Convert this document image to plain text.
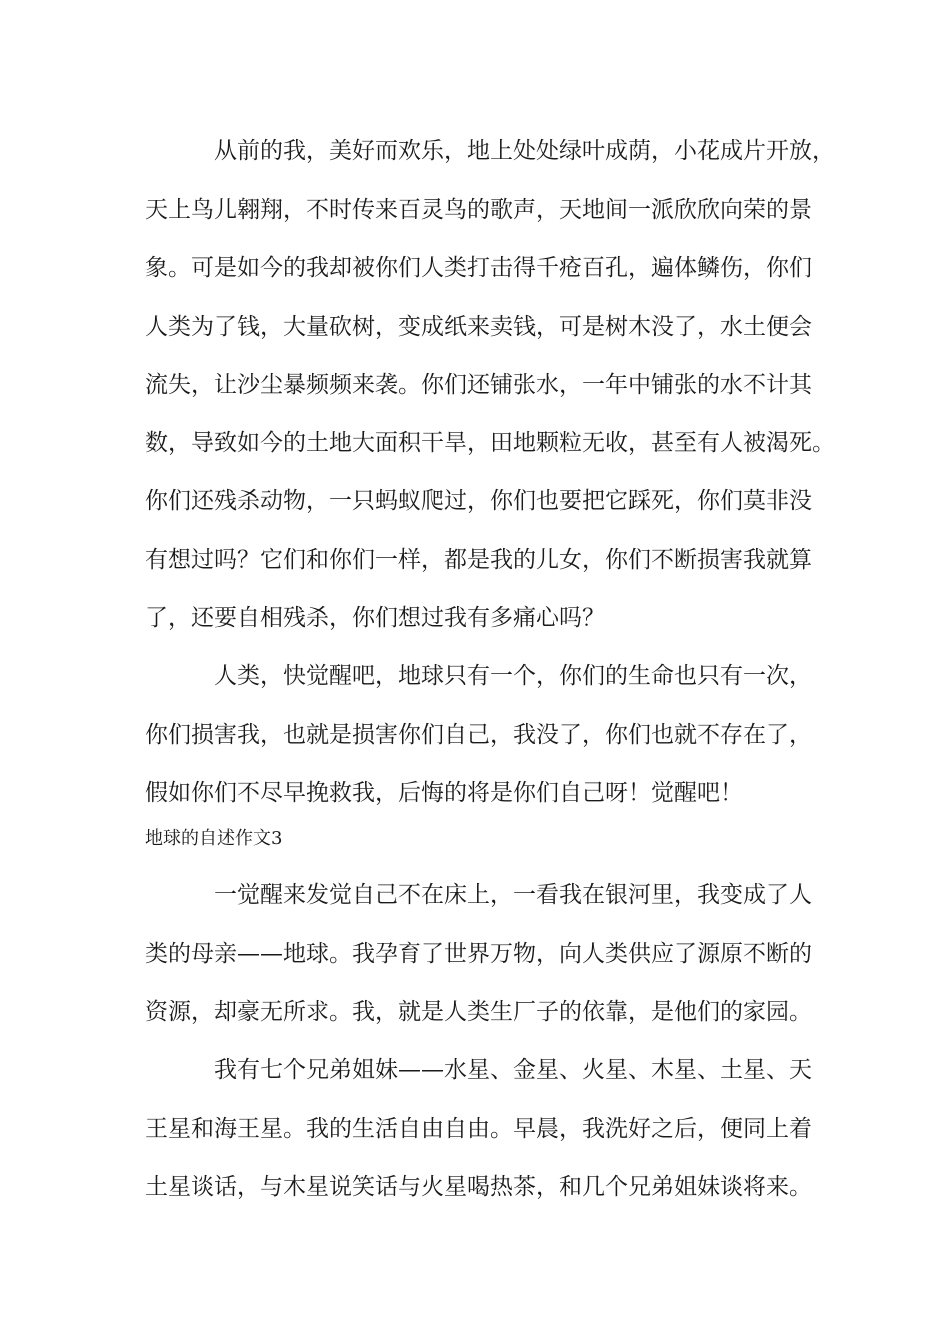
从前的我，美好而欢乐，地上处处绿叶成荫，小花成片开放，
天上鸟儿翱翔，不时传来百灵鸟的歌声，天地间一派欣欣向荣的景
象。可是如今的我却被你们人类打击得千疮百孔，遍体鳞伤，你们
人类为了钱，大量砍树，变成纸来卖钱，可是树木没了，水土便会
流失，让沙尘暴频频来袭。你们还铺张水，一年中铺张的水不计其
数，导致如今的土地大面积干旱，田地颗粒无收，甚至有人被渴死。
你们还残杀动物，一只蚂蚁爬过，你们也要把它踩死，你们莫非没
有想过吗？它们和你们一样，都是我的儿女，你们不断损害我就算
了，还要自相残杀，你们想过我有多痛心吗？
人类，快觉醒吧，地球只有一个，你们的生命也只有一次，
你们损害我，也就是损害你们自己，我没了，你们也就不存在了，
假如你们不尽早挽救我，后悔的将是你们自己呀！觉醒吧！
地球的自述作文3
一觉醒来发觉自己不在床上，一看我在银河里，我变成了人
类的母亲——地球。我孕育了世界万物，向人类供应了源原不断的
资源，却豪无所求。我，就是人类生厂子的依靠，是他们的家园。
我有七个兄弟姐妹——水星、金星、火星、木星、土星、天
王星和海王星。我的生活自由自由。早晨，我洗好之后，便同上着
土星谈话，与木星说笑话与火星喝热茶，和几个兄弟姐妹谈将来。
